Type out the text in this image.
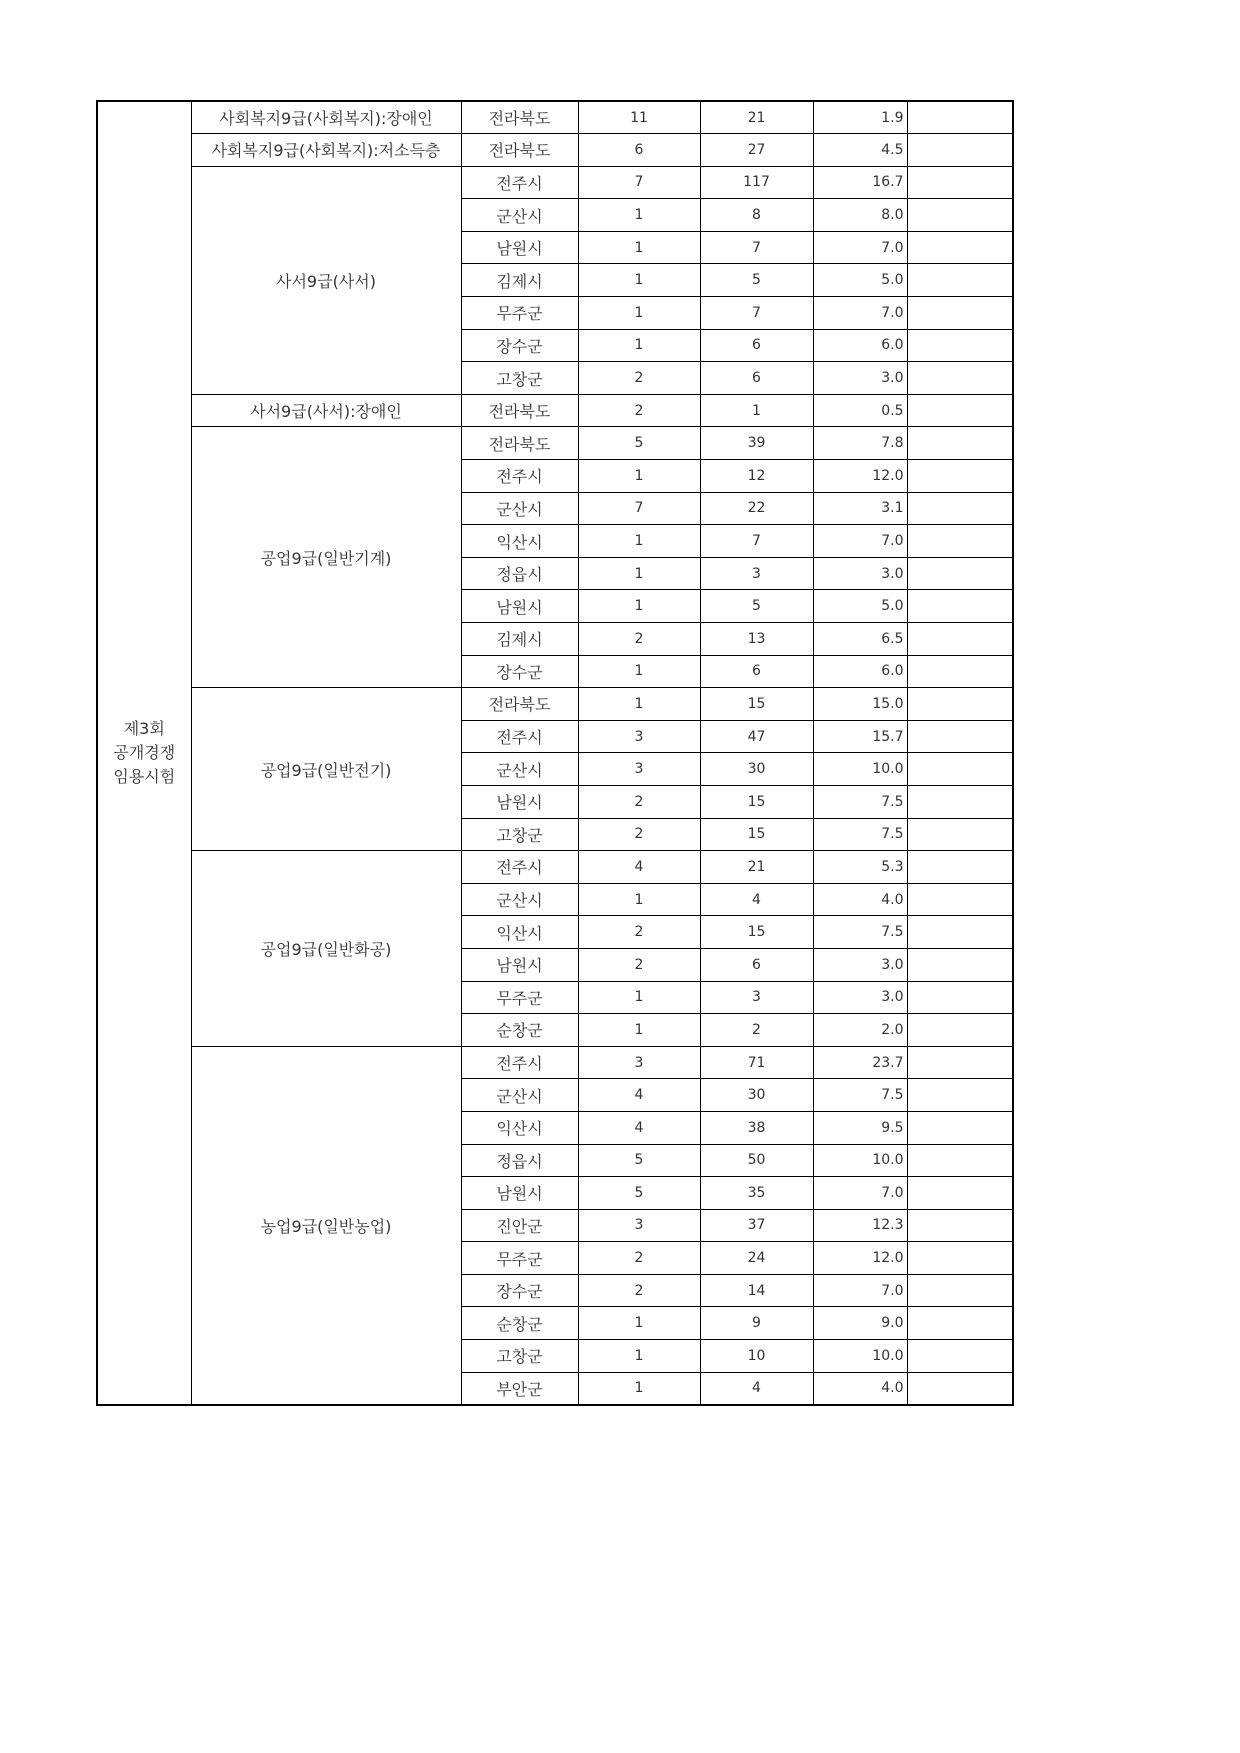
제3회
공개경쟁
임용시험	사회복지9급(사회복지):장애인	전라북도	11	21	1.9	
	사회복지9급(사회복지):저소득층	전라북도	6	27	4.5	
	사서9급(사서)	전주시	7	117	16.7	
		군산시	1	8	8.0	
		남원시	1	7	7.0	
		김제시	1	5	5.0	
		무주군	1	7	7.0	
		장수군	1	6	6.0	
		고창군	2	6	3.0	
	사서9급(사서):장애인	전라북도	2	1	0.5	
	공업9급(일반기계)	전라북도	5	39	7.8	
		전주시	1	12	12.0	
		군산시	7	22	3.1	
		익산시	1	7	7.0	
		정읍시	1	3	3.0	
		남원시	1	5	5.0	
		김제시	2	13	6.5	
		장수군	1	6	6.0	
	공업9급(일반전기)	전라북도	1	15	15.0	
		전주시	3	47	15.7	
		군산시	3	30	10.0	
		남원시	2	15	7.5	
		고창군	2	15	7.5	
	공업9급(일반화공)	전주시	4	21	5.3	
		군산시	1	4	4.0	
		익산시	2	15	7.5	
		남원시	2	6	3.0	
		무주군	1	3	3.0	
		순창군	1	2	2.0	
	농업9급(일반농업)	전주시	3	71	23.7	
		군산시	4	30	7.5	
		익산시	4	38	9.5	
		정읍시	5	50	10.0	
		남원시	5	35	7.0	
		진안군	3	37	12.3	
		무주군	2	24	12.0	
		장수군	2	14	7.0	
		순창군	1	9	9.0	
		고창군	1	10	10.0	
		부안군	1	4	4.0	
